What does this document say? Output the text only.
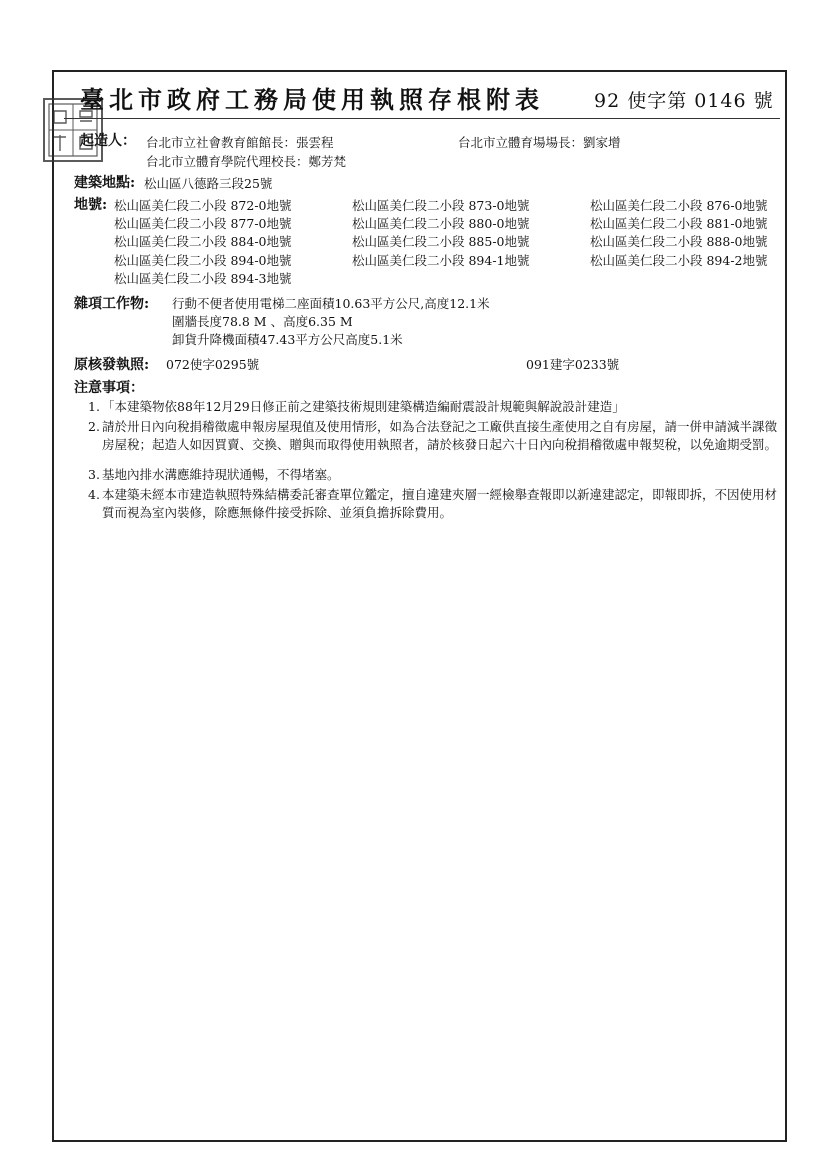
臺北市政府工務局使用執照存根附表	92 使字第 0146 號
起造人： 台北市立社會教育館館長：張雲程	台北市立體育場場長：劉家增
台北市立體育學院代理校長：鄭芳梵
建築地點: 松山區八德路三段25號
地號: 松山區美仁段二小段 872-0地號	松山區美仁段二小段 873-0地號	松山區美仁段二小段 876-0地號
松山區美仁段二小段 877-0地號	松山區美仁段二小段 880-0地號	松山區美仁段二小段 881-0地號
松山區美仁段二小段 884-0地號	松山區美仁段二小段 885-0地號	松山區美仁段二小段 888-0地號
松山區美仁段二小段 894-0地號	松山區美仁段二小段 894-1地號	松山區美仁段二小段 894-2地號
松山區美仁段二小段 894-3地號
雜項工作物: 行動不便者使用電梯二座面積10.63平方公尺,高度12.1米
圍牆長度78.8 M 、高度6.35 M
卸貨升降機面積47.43平方公尺高度5.1米
原核發執照: 072使字0295號	091建字0233號
注意事項：
1. 「本建築物依88年12月29日修正前之建築技術規則建築構造編耐震設計規範與解說設計建造」
2. 請於卅日內向稅捐稽徵處申報房屋現值及使用情形，如為合法登記之工廠供直接生產使用之自有房屋，請一併申請減半課徵房屋稅；起造人如因買賣、交換、贈與而取得使用執照者，請於核發日起六十日內向稅捐稽徵處申報契稅，以免逾期受罰。
3. 基地內排水溝應維持現狀通暢，不得堵塞。
4. 本建築未經本市建造執照特殊結構委託審查單位鑑定，擅自違建夾層一經檢舉查報即以新違建認定，即報即拆，不因使用材質而視為室內裝修，除應無條件接受拆除、並須負擔拆除費用。
